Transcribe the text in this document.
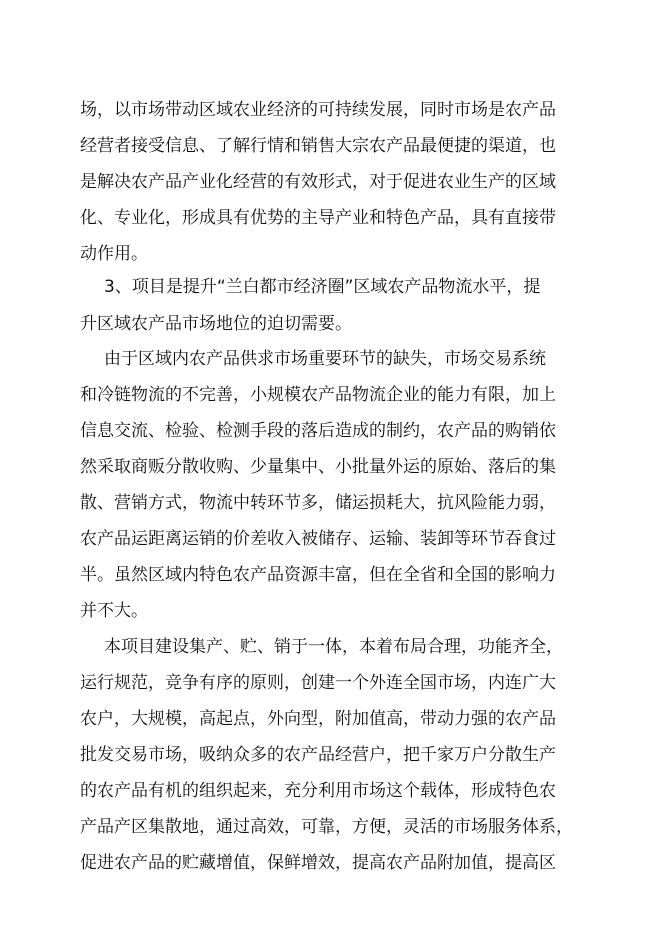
场，以市场带动区域农业经济的可持续发展，同时市场是农产品
经营者接受信息、了解行情和销售大宗农产品最便捷的渠道，也
是解决农产品产业化经营的有效形式，对于促进农业生产的区域
化、专业化，形成具有优势的主导产业和特色产品，具有直接带
动作用。
3、项目是提升“兰白都市经济圈”区域农产品物流水平，提
升区域农产品市场地位的迫切需要。
由于区域内农产品供求市场重要环节的缺失，市场交易系统
和冷链物流的不完善，小规模农产品物流企业的能力有限，加上
信息交流、检验、检测手段的落后造成的制约，农产品的购销依
然采取商贩分散收购、少量集中、小批量外运的原始、落后的集
散、营销方式，物流中转环节多，储运损耗大，抗风险能力弱，
农产品运距离运销的价差收入被储存、运输、装卸等环节吞食过
半。虽然区域内特色农产品资源丰富，但在全省和全国的影响力
并不大。
本项目建设集产、贮、销于一体，本着布局合理，功能齐全，
运行规范，竞争有序的原则，创建一个外连全国市场，内连广大
农户，大规模，高起点，外向型，附加值高，带动力强的农产品
批发交易市场，吸纳众多的农产品经营户，把千家万户分散生产
的农产品有机的组织起来，充分利用市场这个载体，形成特色农
产品产区集散地，通过高效，可靠，方便，灵活的市场服务体系，
促进农产品的贮藏增值，保鲜增效，提高农产品附加值，提高区
